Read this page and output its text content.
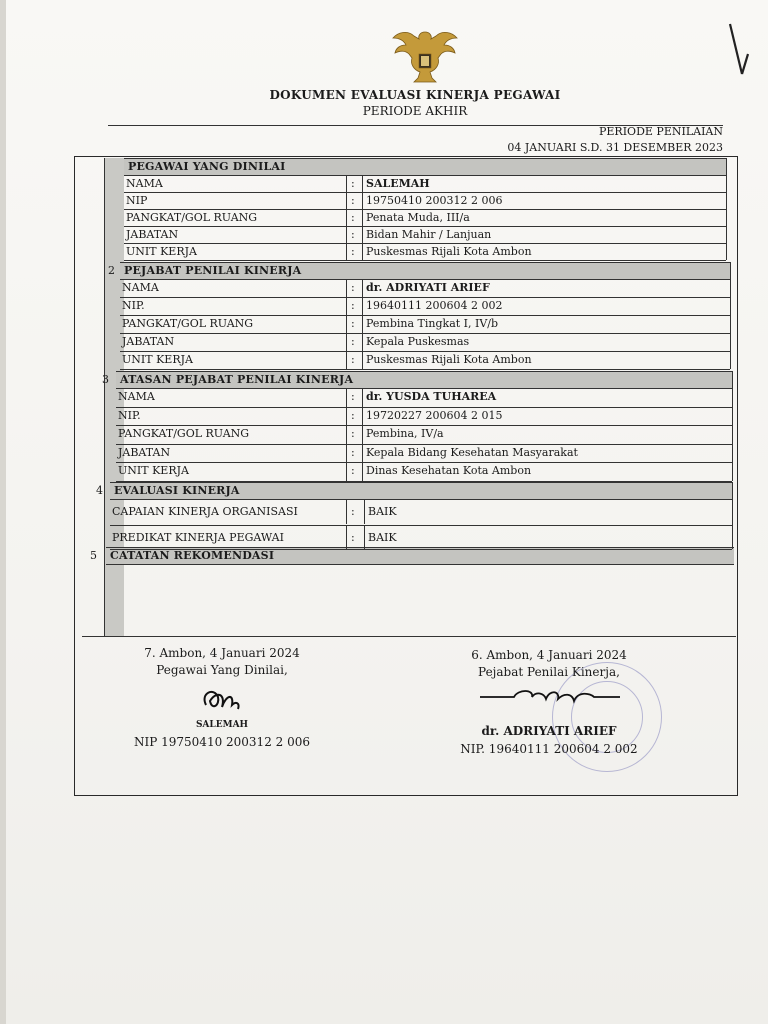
DOKUMEN EVALUASI KINERJA PEGAWAI
PERIODE AKHIR
PERIODE PENILAIAN
04 JANUARI S.D. 31 DESEMBER 2023
PEGAWAI YANG DINILAI
2 PEJABAT PENILAI KINERJA
3 ATASAN PEJABAT PENILAI KINERJA
4 EVALUASI KINERJA
5 CATATAN REKOMENDASI
NAMA	: SALEMAH
NIP	: 19750410 200312 2 006
PANGKAT/GOL RUANG	: Penata Muda, III/a
JABATAN	: Bidan Mahir / Lanjuan
UNIT KERJA	: Puskesmas Rijali Kota Ambon
NAMA	: dr. ADRIYATI ARIEF
NIP.	: 19640111 200604 2 002
PANGKAT/GOL RUANG	: Pembina Tingkat I, IV/b
JABATAN	: Kepala Puskesmas
UNIT KERJA	: Puskesmas Rijali Kota Ambon
NAMA	: dr. YUSDA TUHAREA
NIP.	: 19720227 200604 2 015
PANGKAT/GOL RUANG	: Pembina, IV/a
JABATAN	: Kepala Bidang Kesehatan Masyarakat
UNIT KERJA	: Dinas Kesehatan Kota Ambon
CAPAIAN KINERJA ORGANISASI	: BAIK
PREDIKAT KINERJA PEGAWAI	: BAIK
7. Ambon, 4 Januari 2024
Pegawai Yang Dinilai,
SALEMAH
NIP 19750410 200312 2 006
6. Ambon, 4 Januari 2024
Pejabat Penilai Kinerja,
dr. ADRIYATI ARIEF
NIP. 19640111 200604 2 002
